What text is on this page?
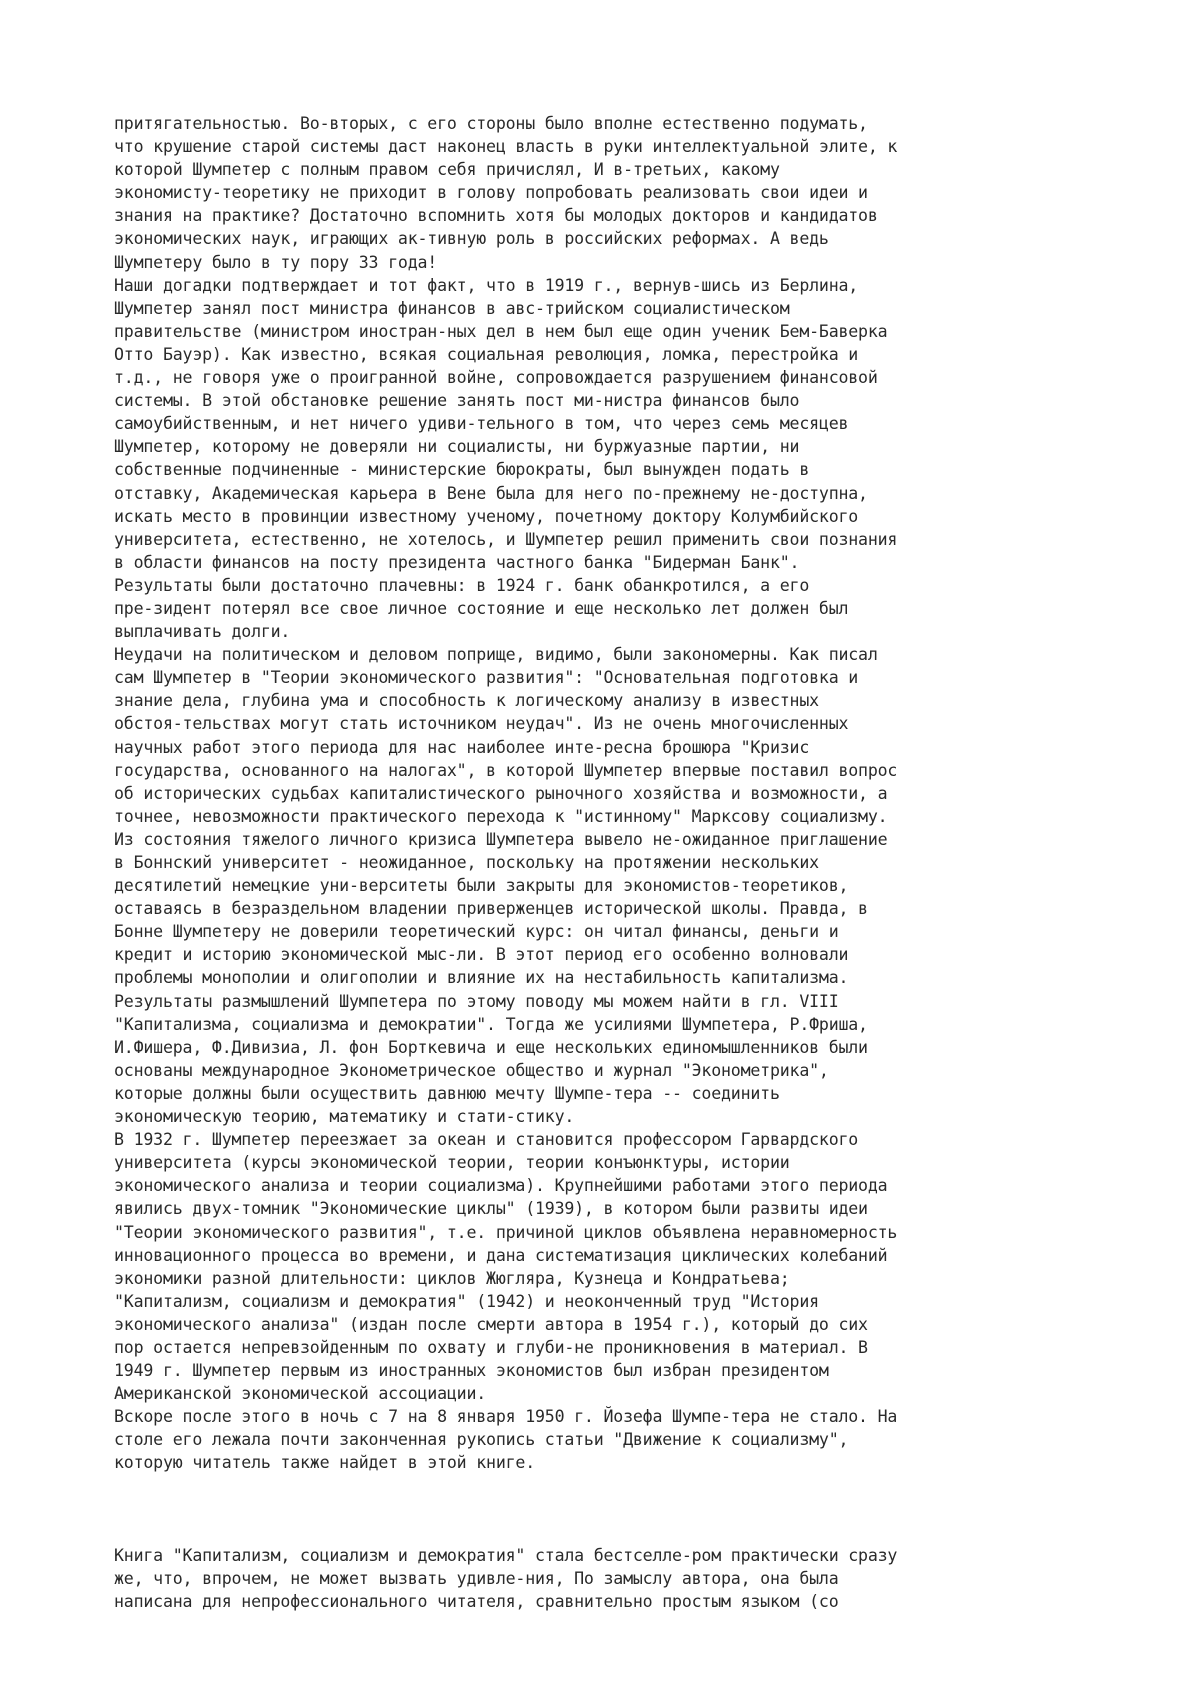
притягательностью. Во-вторых, с его стороны было вполне естественно подумать,
что крушение старой системы даст наконец власть в руки интеллектуальной элите, к
которой Шумпетер с полным правом себя причислял, И в-третьих, какому
экономисту-теоретику не приходит в голову попробовать реализовать свои идеи и
знания на практике? Достаточно вспомнить хотя бы молодых докторов и кандидатов
экономических наук, играющих ак-тивную роль в российских реформах. А ведь
Шумпетеру было в ту пору 33 года!
Наши догадки подтверждает и тот факт, что в 1919 г., вернув-шись из Берлина,
Шумпетер занял пост министра финансов в авс-трийском социалистическом
правительстве (министром иностран-ных дел в нем был еще один ученик Бем-Баверка
Отто Бауэр). Как известно, всякая социальная революция, ломка, перестройка и
т.д., не говоря уже о проигранной войне, сопровождается разрушением финансовой
системы. В этой обстановке решение занять пост ми-нистра финансов было
самоубийственным, и нет ничего удиви-тельного в том, что через семь месяцев
Шумпетер, которому не доверяли ни социалисты, ни буржуазные партии, ни
собственные подчиненные - министерские бюрократы, был вынужден подать в
отставку, Академическая карьера в Вене была для него по-прежнему не-доступна,
искать место в провинции известному ученому, почетному доктору Колумбийского
университета, естественно, не хотелось, и Шумпетер решил применить свои познания
в области финансов на посту президента частного банка "Бидерман Банк".
Результаты были достаточно плачевны: в 1924 г. банк обанкротился, а его
пре-зидент потерял все свое личное состояние и еще несколько лет должен был
выплачивать долги.
Неудачи на политическом и деловом поприще, видимо, были закономерны. Как писал
сам Шумпетер в "Теории экономического развития": "Основательная подготовка и
знание дела, глубина ума и способность к логическому анализу в известных
обстоя-тельствах могут стать источником неудач". Из не очень многочисленных
научных работ этого периода для нас наиболее инте-ресна брошюра "Кризис
государства, основанного на налогах", в которой Шумпетер впервые поставил вопрос
об исторических судьбах капиталистического рыночного хозяйства и возможности, а
точнее, невозможности практического перехода к "истинному" Марксову социализму.
Из состояния тяжелого личного кризиса Шумпетера вывело не-ожиданное приглашение
в Боннский университет - неожиданное, поскольку на протяжении нескольких
десятилетий немецкие уни-верситеты были закрыты для экономистов-теоретиков,
оставаясь в безраздельном владении приверженцев исторической школы. Правда, в
Бонне Шумпетеру не доверили теоретический курс: он читал финансы, деньги и
кредит и историю экономической мыс-ли. В этот период его особенно волновали
проблемы монополии и олигополии и влияние их на нестабильность капитализма.
Результаты размышлений Шумпетера по этому поводу мы можем найти в гл. VIII
"Капитализма, социализма и демократии". Тогда же усилиями Шумпетера, Р.Фриша,
И.Фишера, Ф.Дивизиа, Л. фон Борткевича и еще нескольких единомышленников были
основаны международное Эконометрическое общество и журнал "Эконометрика",
которые должны были осуществить давнюю мечту Шумпе-тера -- соединить
экономическую теорию, математику и стати-стику.
В 1932 г. Шумпетер переезжает за океан и становится профессором Гарвардского
университета (курсы экономической теории, теории конъюнктуры, истории
экономического анализа и теории социализма). Крупнейшими работами этого периода
явились двух-томник "Экономические циклы" (1939), в котором были развиты идеи
"Теории экономического развития", т.е. причиной циклов объявлена неравномерность
инновационного процесса во времени, и дана систематизация циклических колебаний
экономики разной длительности: циклов Жюгляра, Кузнеца и Кондратьева;
"Капитализм, социализм и демократия" (1942) и неоконченный труд "История
экономического анализа" (издан после смерти автора в 1954 г.), который до сих
пор остается непревзойденным по охвату и глуби-не проникновения в материал. В
1949 г. Шумпетер первым из иностранных экономистов был избран президентом
Американской экономической ассоциации.
Вскоре после этого в ночь с 7 на 8 января 1950 г. Йозефа Шумпе-тера не стало. На
столе его лежала почти законченная рукопись статьи "Движение к социализму",
которую читатель также найдет в этой книге.
Книга "Капитализм, социализм и демократия" стала бестселле-ром практически сразу
же, что, впрочем, не может вызвать удивле-ния, По замыслу автора, она была
написана для непрофессионального читателя, сравнительно простым языком (со
